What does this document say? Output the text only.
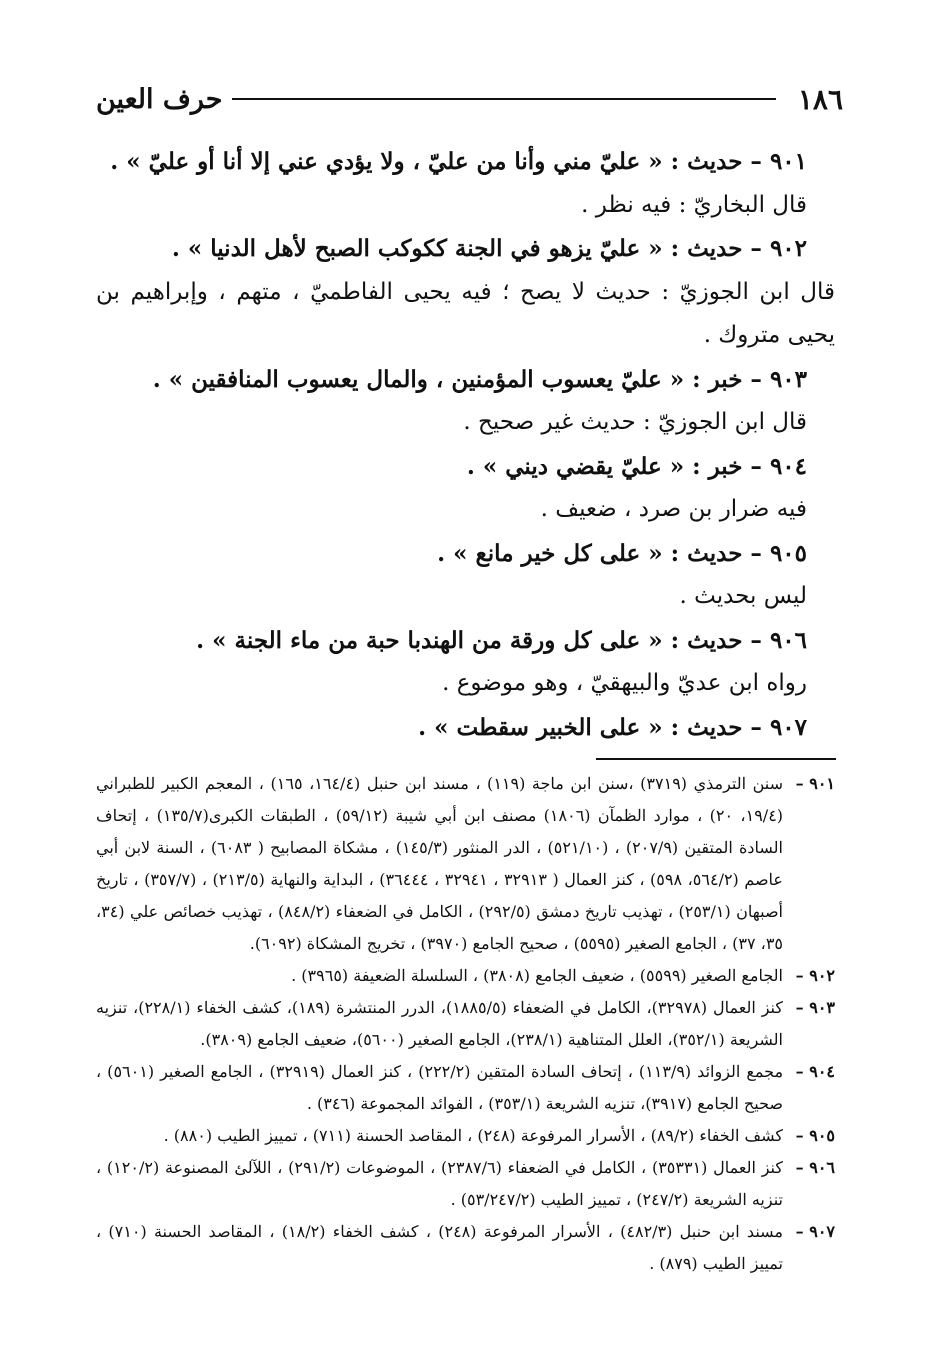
١٨٦
حرف العين

٩٠١ – حديث : « عليّ مني وأنا من عليّ ، ولا يؤدي عني إلا أنا أو عليّ » .

قال البخاريّ : فيه نظر .

٩٠٢ – حديث : « عليّ يزهو في الجنة ككوكب الصبح لأهل الدنيا » .

قال ابن الجوزيّ : حديث لا يصح ؛ فيه يحيى الفاطميّ ، متهم ، وإبراهيم بن يحيى متروك .

٩٠٣ – خبر : « عليّ يعسوب المؤمنين ، والمال يعسوب المنافقين » .

قال ابن الجوزيّ : حديث غير صحيح .

٩٠٤ – خبر : « عليّ يقضي ديني » .

فيه ضرار بن صرد ، ضعيف .

٩٠٥ – حديث : « على كل خير مانع » .

ليس بحديث .

٩٠٦ – حديث : « على كل ورقة من الهندبا حبة من ماء الجنة » .

رواه ابن عديّ والبيهقيّ ، وهو موضوع .

٩٠٧ – حديث : « على الخبير سقطت » .

٩٠١ –
سنن الترمذي (٣٧١٩) ،سنن ابن ماجة (١١٩) ، مسند ابن حنبل (١٦٤/٤، ١٦٥) ، المعجم الكبير للطبراني (١٩/٤، ٢٠) ، موارد الظمآن (١٨٠٦) مصنف ابن أبي شيبة (٥٩/١٢) ، الطبقات الكبرى(١٣٥/٧) ، إتحاف السادة المتقين (٢٠٧/٩) ، (٥٢١/١٠) ، الدر المنثور (١٤٥/٣) ، مشكاة المصابيح ( ٦٠٨٣) ، السنة لابن أبي عاصم (٥٦٤/٢، ٥٩٨) ، كنز العمال ( ٣٢٩١٣ ، ٣٢٩٤١ ، ٣٦٤٤٤) ، البداية والنهاية (٢١٣/٥) ، (٣٥٧/٧) ، تاريخ أصبهان (٢٥٣/١) ، تهذيب تاريخ دمشق (٢٩٢/٥) ، الكامل في الضعفاء (٨٤٨/٢) ، تهذيب خصائص علي (٣٤، ٣٥، ٣٧) ، الجامع الصغير (٥٥٩٥) ، صحيح الجامع (٣٩٧٠) ، تخريج المشكاة (٦٠٩٢).
٩٠٢ –
الجامع الصغير (٥٥٩٩) ، ضعيف الجامع (٣٨٠٨) ، السلسلة الضعيفة (٣٩٦٥) .
٩٠٣ –
كنز العمال (٣٢٩٧٨)، الكامل في الضعفاء (١٨٨٥/٥)، الدرر المنتشرة (١٨٩)، كشف الخفاء (٢٢٨/١)، تنزيه الشريعة (٣٥٢/١)، العلل المتناهية (٢٣٨/١)، الجامع الصغير (٥٦٠٠)، ضعيف الجامع (٣٨٠٩).
٩٠٤ –
مجمع الزوائد (١١٣/٩) ، إتحاف السادة المتقين (٢٢٢/٢) ، كنز العمال (٣٢٩١٩) ، الجامع الصغير (٥٦٠١) ، صحيح الجامع (٣٩١٧)، تنزيه الشريعة (٣٥٣/١) ، الفوائد المجموعة (٣٤٦) .
٩٠٥ –
كشف الخفاء (٨٩/٢) ، الأسرار المرفوعة (٢٤٨) ، المقاصد الحسنة (٧١١) ، تمييز الطيب (٨٨٠) .
٩٠٦ –
كنز العمال (٣٥٣٣١) ، الكامل في الضعفاء (٢٣٨٧/٦) ، الموضوعات (٢٩١/٢) ، اللآلئ المصنوعة (١٢٠/٢) ، تنزيه الشريعة (٢٤٧/٢) ، تمييز الطيب (٥٣/٢٤٧/٢) .
٩٠٧ –
مسند ابن حنبل (٤٨٢/٣) ، الأسرار المرفوعة (٢٤٨) ، كشف الخفاء (١٨/٢) ، المقاصد الحسنة (٧١٠) ، تمييز الطيب (٨٧٩) .
